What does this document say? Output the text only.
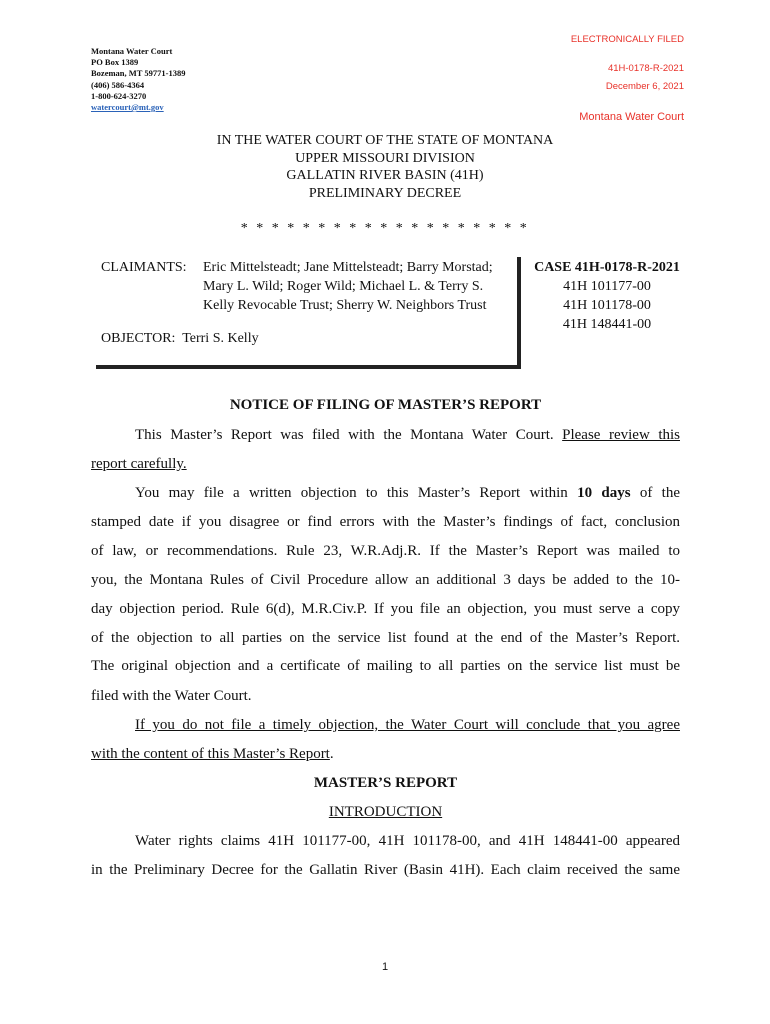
Montana Water Court
PO Box 1389
Bozeman, MT 59771-1389
(406) 586-4364
1-800-624-3270
watercourt@mt.gov
ELECTRONICALLY FILED
41H-0178-R-2021
December 6, 2021
Montana Water Court
IN THE WATER COURT OF THE STATE OF MONTANA
UPPER MISSOURI DIVISION
GALLATIN RIVER BASIN (41H)
PRELIMINARY DECREE
* * * * * * * * * * * * * * * * * * *
CLAIMANTS: Eric Mittelsteadt; Jane Mittelsteadt; Barry Morstad;
Mary L. Wild; Roger Wild; Michael L. & Terry S.
Kelly Revocable Trust; Sherry W. Neighbors Trust
OBJECTOR: Terri S. Kelly
CASE 41H-0178-R-2021
41H 101177-00
41H 101178-00
41H 148441-00
NOTICE OF FILING OF MASTER’S REPORT
This Master’s Report was filed with the Montana Water Court. Please review this
report carefully.
You may file a written objection to this Master’s Report within 10 days of the
stamped date if you disagree or find errors with the Master’s findings of fact, conclusion
of law, or recommendations. Rule 23, W.R.Adj.R. If the Master’s Report was mailed to
you, the Montana Rules of Civil Procedure allow an additional 3 days be added to the 10-
day objection period. Rule 6(d), M.R.Civ.P. If you file an objection, you must serve a copy
of the objection to all parties on the service list found at the end of the Master’s Report.
The original objection and a certificate of mailing to all parties on the service list must be
filed with the Water Court.
If you do not file a timely objection, the Water Court will conclude that you agree
with the content of this Master’s Report.
MASTER’S REPORT
INTRODUCTION
Water rights claims 41H 101177-00, 41H 101178-00, and 41H 148441-00 appeared
in the Preliminary Decree for the Gallatin River (Basin 41H). Each claim received the same
1
